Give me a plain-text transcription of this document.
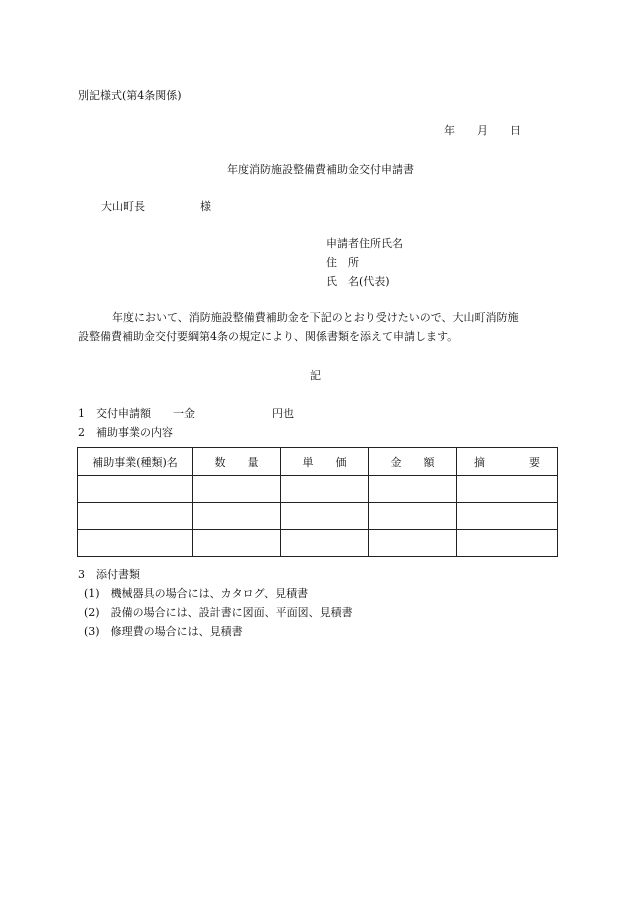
別記様式(第4条関係)
年　　月　　日
年度消防施設整備費補助金交付申請書
大山町長　　　　　様
申請者住所氏名
住　所
氏　名(代表)
年度において、消防施設整備費補助金を下記のとおり受けたいので、大山町消防施
設整備費補助金交付要綱第4条の規定により、関係書類を添えて申請します。
記
1　交付申請額　　一金　　　　　　　円也
2　補助事業の内容
補助事業(種類)名	数　　量	単　　価	金　　額	摘　　　　要

3　添付書類
(1)　機械器具の場合には、カタログ、見積書
(2)　設備の場合には、設計書に図面、平面図、見積書
(3)　修理費の場合には、見積書
